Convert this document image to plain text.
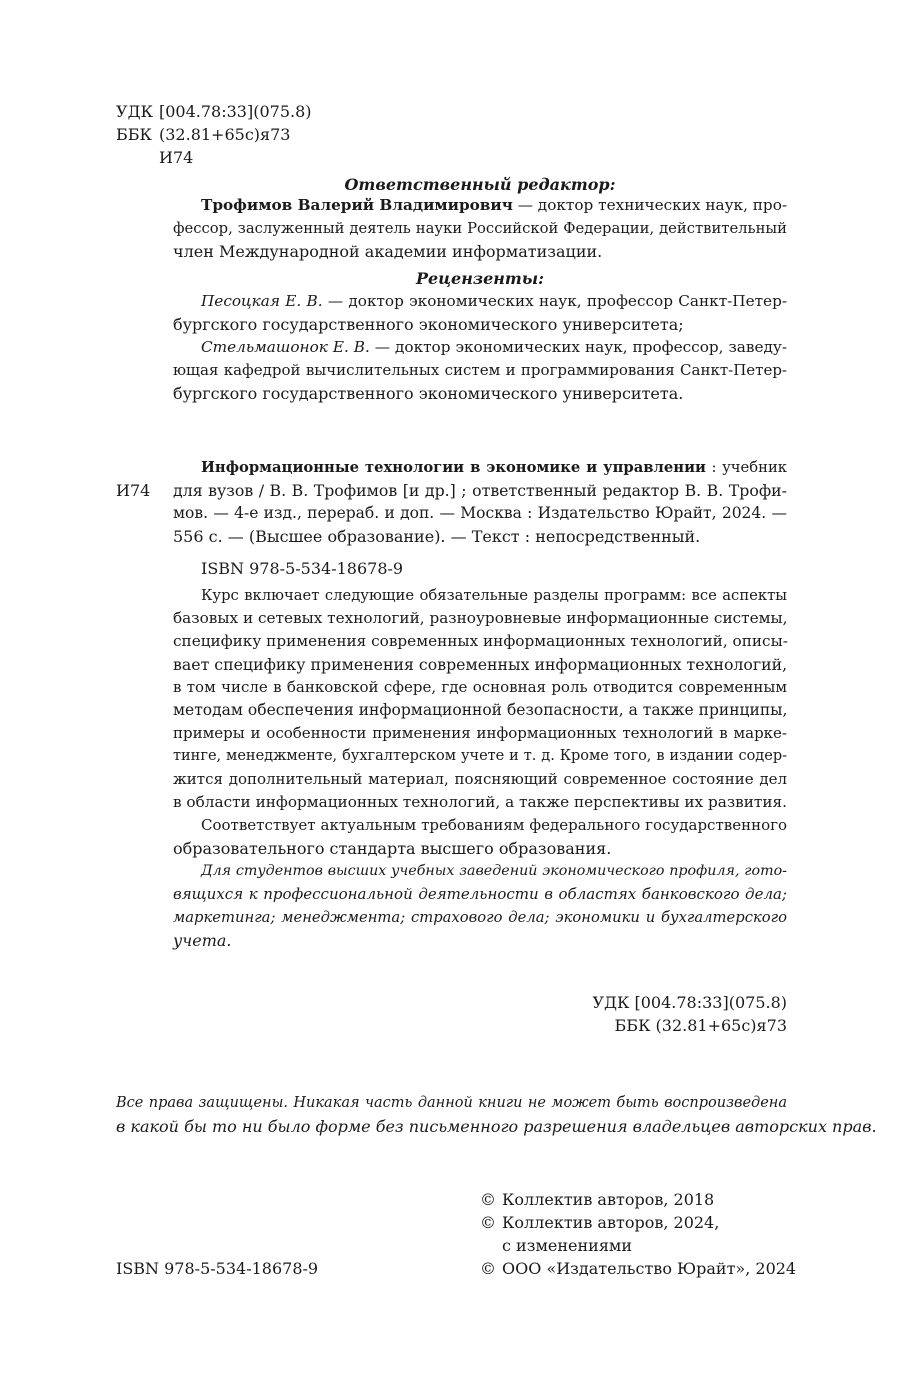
УДК [004.78:33](075.8)
ББК (32.81+65с)я73
И74
Ответственный редактор:
Трофимов Валерий Владимирович — доктор технических наук, про-
фессор, заслуженный деятель науки Российской Федерации, действительный
член Международной академии информатизации.
Рецензенты:
Песоцкая Е. В. — доктор экономических наук, профессор Санкт-Петер-
бургского государственного экономического университета;
Стельмашонок Е. В. — доктор экономических наук, профессор, заведу-
ющая кафедрой вычислительных систем и программирования Санкт-Петер-
бургского государственного экономического университета.
Информационные технологии в экономике и управлении : учебник
И74 для вузов / В. В. Трофимов [и др.] ; ответственный редактор В. В. Трофи-
мов. — 4-е изд., перераб. и доп. — Москва : Издательство Юрайт, 2024. —
556 с. — (Высшее образование). — Текст : непосредственный.
ISBN 978-5-534-18678-9
Курс включает следующие обязательные разделы программ: все аспекты
базовых и сетевых технологий, разноуровневые информационные системы,
специфику применения современных информационных технологий, описы-
вает специфику применения современных информационных технологий,
в том числе в банковской сфере, где основная роль отводится современным
методам обеспечения информационной безопасности, а также принципы,
примеры и особенности применения информационных технологий в марке-
тинге, менеджменте, бухгалтерском учете и т. д. Кроме того, в издании содер-
жится дополнительный материал, поясняющий современное состояние дел
в области информационных технологий, а также перспективы их развития.
Соответствует актуальным требованиям федерального государственного
образовательного стандарта высшего образования.
Для студентов высших учебных заведений экономического профиля, гото-
вящихся к профессиональной деятельности в областях банковского дела;
маркетинга; менеджмента; страхового дела; экономики и бухгалтерского
учета.
УДК [004.78:33](075.8)
ББК (32.81+65с)я73
Все права защищены. Никакая часть данной книги не может быть воспроизведена
в какой бы то ни было форме без письменного разрешения владельцев авторских прав.
© Коллектив авторов, 2018
© Коллектив авторов, 2024,
с изменениями
ISBN 978-5-534-18678-9	© ООО «Издательство Юрайт», 2024
